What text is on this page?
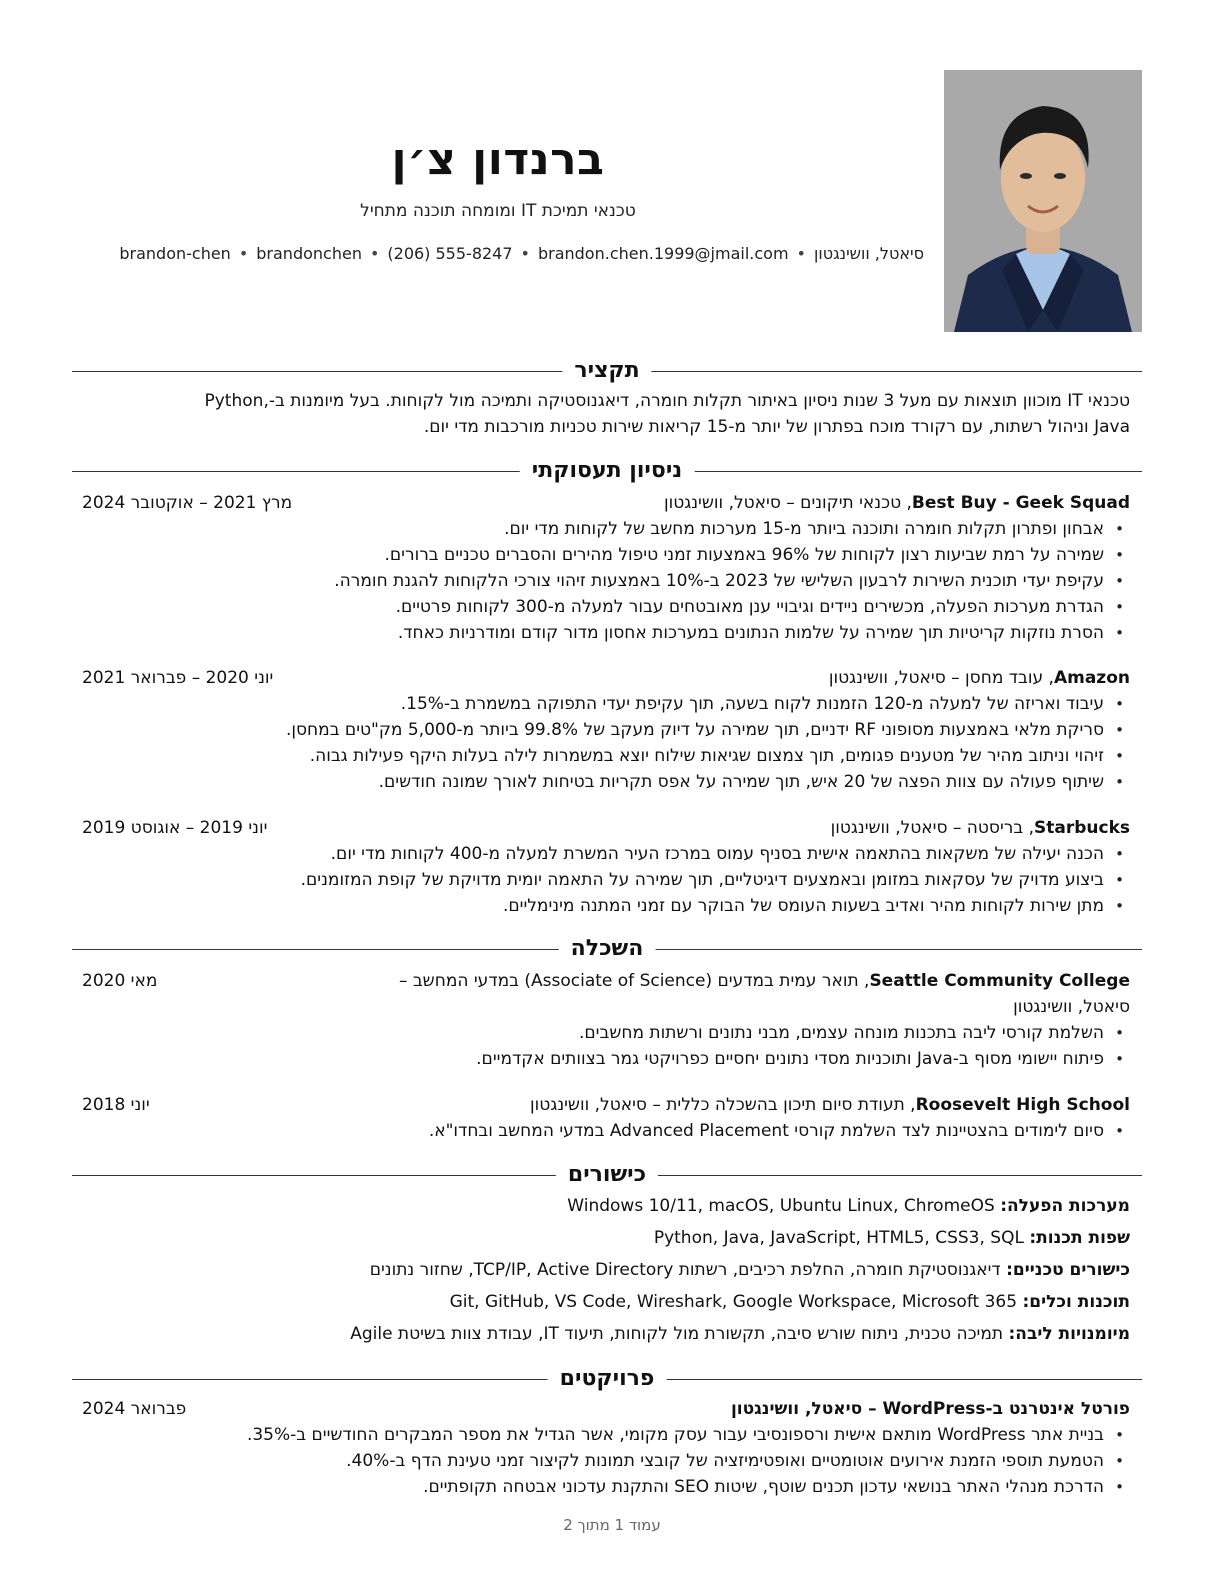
ברנדון צ׳ן
טכנאי תמיכת IT ומומחה תוכנה מתחיל
סיאטל, וושינגטון•brandon.chen.1999@jmail.com•(206) 555-8247•brandonchen•brandon-chen
תקציר
טכנאי IT מוכוון תוצאות עם מעל 3 שנות ניסיון באיתור תקלות חומרה, דיאגנוסטיקה ותמיכה מול לקוחות. בעל מיומנות ב-,Python
Java וניהול רשתות, עם רקורד מוכח בפתרון של יותר מ-15 קריאות שירות טכניות מורכבות מדי יום.
ניסיון תעסוקתי
Best Buy - Geek Squad, טכנאי תיקונים – סיאטל, וושינגטון
מרץ 2021 – אוקטובר 2024
• אבחון ופתרון תקלות חומרה ותוכנה ביותר מ-15 מערכות מחשב של לקוחות מדי יום.
• שמירה על רמת שביעות רצון לקוחות של 96% באמצעות זמני טיפול מהירים והסברים טכניים ברורים.
• עקיפת יעדי תוכנית השירות לרבעון השלישי של 2023 ב-10% באמצעות זיהוי צורכי הלקוחות להגנת חומרה.
• הגדרת מערכות הפעלה, מכשירים ניידים וגיבויי ענן מאובטחים עבור למעלה מ-300 לקוחות פרטיים.
• הסרת נוזקות קריטיות תוך שמירה על שלמות הנתונים במערכות אחסון מדור קודם ומודרניות כאחד.
Amazon, עובד מחסן – סיאטל, וושינגטון
יוני 2020 – פברואר 2021
• עיבוד ואריזה של למעלה מ-120 הזמנות לקוח בשעה, תוך עקיפת יעדי התפוקה במשמרת ב-15%.
• סריקת מלאי באמצעות מסופוני RF ידניים, תוך שמירה על דיוק מעקב של 99.8% ביותר מ-5,000 מק"טים במחסן.
• זיהוי וניתוב מהיר של מטענים פגומים, תוך צמצום שגיאות שילוח יוצא במשמרות לילה בעלות היקף פעילות גבוה.
• שיתוף פעולה עם צוות הפצה של 20 איש, תוך שמירה על אפס תקריות בטיחות לאורך שמונה חודשים.
Starbucks, בריסטה – סיאטל, וושינגטון
יוני 2019 – אוגוסט 2019
• הכנה יעילה של משקאות בהתאמה אישית בסניף עמוס במרכז העיר המשרת למעלה מ-400 לקוחות מדי יום.
• ביצוע מדויק של עסקאות במזומן ובאמצעים דיגיטליים, תוך שמירה על התאמה יומית מדויקת של קופת המזומנים.
• מתן שירות לקוחות מהיר ואדיב בשעות העומס של הבוקר עם זמני המתנה מינימליים.
השכלה
Seattle Community College, תואר עמית במדעים (Associate of Science) במדעי המחשב –
מאי 2020
סיאטל, וושינגטון
• השלמת קורסי ליבה בתכנות מונחה עצמים, מבני נתונים ורשתות מחשבים.
• פיתוח יישומי מסוף ב-Java ותוכניות מסדי נתונים יחסיים כפרויקטי גמר בצוותים אקדמיים.
Roosevelt High School, תעודת סיום תיכון בהשכלה כללית – סיאטל, וושינגטון
יוני 2018
• סיום לימודים בהצטיינות לצד השלמת קורסי Advanced Placement במדעי המחשב ובחדו"א.
כישורים
מערכות הפעלה: Windows 10/11, macOS, Ubuntu Linux, ChromeOS
שפות תכנות: Python, Java, JavaScript, HTML5, CSS3, SQL
כישורים טכניים: דיאגנוסטיקת חומרה, החלפת רכיבים, רשתות TCP/IP, Active Directory, שחזור נתונים
תוכנות וכלים: Git, GitHub, VS Code, Wireshark, Google Workspace, Microsoft 365
מיומנויות ליבה: תמיכה טכנית, ניתוח שורש סיבה, תקשורת מול לקוחות, תיעוד IT, עבודת צוות בשיטת Agile
פרויקטים
פורטל אינטרנט ב-WordPress – סיאטל, וושינגטון
פברואר 2024
• בניית אתר WordPress מותאם אישית ורספונסיבי עבור עסק מקומי, אשר הגדיל את מספר המבקרים החודשיים ב-35%.
• הטמעת תוספי הזמנת אירועים אוטומטיים ואופטימיזציה של קובצי תמונות לקיצור זמני טעינת הדף ב-40%.
• הדרכת מנהלי האתר בנושאי עדכון תכנים שוטף, שיטות SEO והתקנת עדכוני אבטחה תקופתיים.
עמוד 1 מתוך 2
